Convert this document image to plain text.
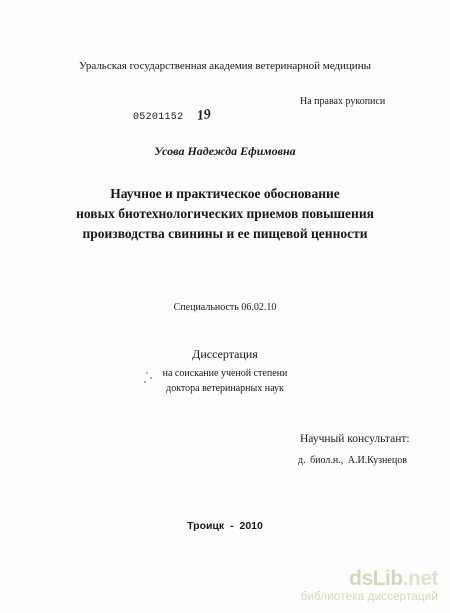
Уральская государственная академия ветеринарной медицины
На правах рукописи
05201152 19
Усова Надежда Ефимовна
Научное и практическое обоснование
новых биотехнологических приемов повышения
производства свинины и ее пищевой ценности
Специальность 06.02.10
Диссертация
на соискание ученой степени
доктора ветеринарных наук
Научный консультант:
д. биол.н., А.И.Кузнецов
Троицк - 2010
dsLib.net
библиотека диссертаций
